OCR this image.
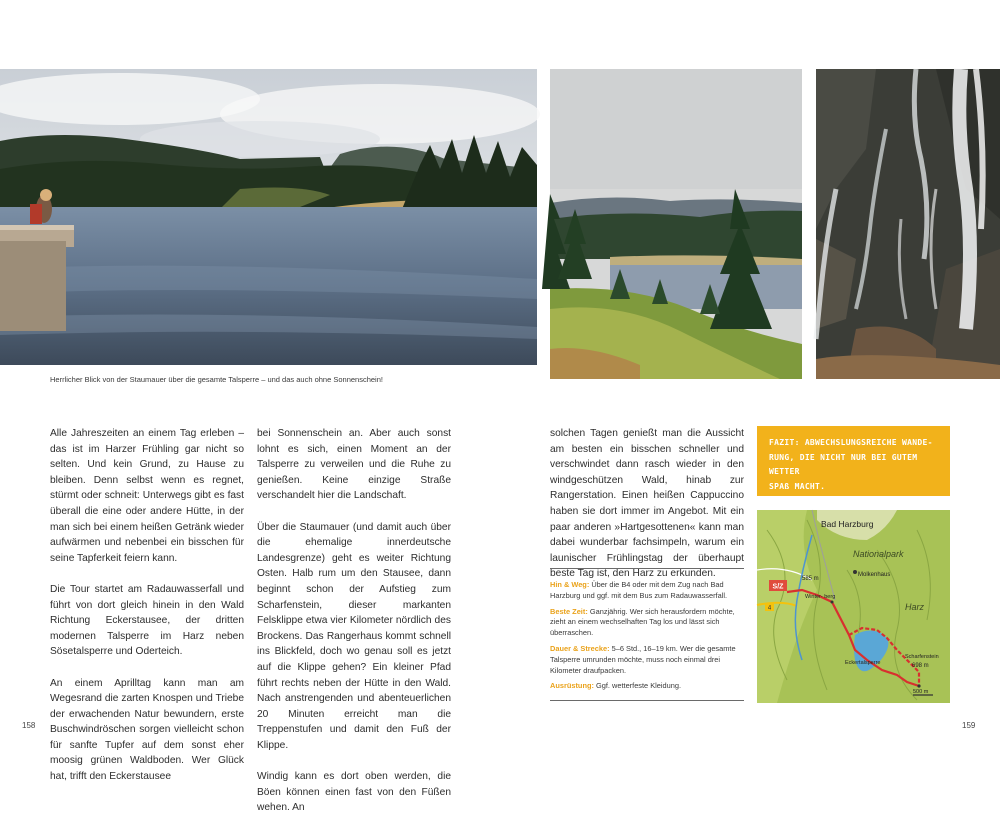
Herrlicher Blick von der Staumauer über die gesamte Talsperre – und das auch ohne Sonnenschein!

Alle Jahreszeiten an einem Tag erleben – das ist im Harzer Frühling gar nicht so selten. Und kein Grund, zu Hause zu bleiben. Denn selbst wenn es regnet, stürmt oder schneit: Unterwegs gibt es fast überall die eine oder andere Hütte, in der man sich bei einem heißen Getränk wieder aufwärmen und nebenbei ein bisschen für seine Tapferkeit feiern kann.

Die Tour startet am Radauwasserfall und führt von dort gleich hinein in den Wald Richtung Eckerstausee, der dritten modernen Talsperre im Harz neben Sösetalsperre und Oderteich.

An einem Aprilltag kann man am Wegesrand die zarten Knospen und Triebe der erwachenden Natur bewundern, erste Buschwindröschen sorgen vielleicht schon für sanfte Tupfer auf dem sonst eher moosig grünen Waldboden. Wer Glück hat, trifft den Eckerstausee

bei Sonnenschein an. Aber auch sonst lohnt es sich, einen Moment an der Talsperre zu verweilen und die Ruhe zu genießen. Keine einzige Straße verschandelt hier die Landschaft.

Über die Staumauer (und damit auch über die ehemalige innerdeutsche Landesgrenze) geht es weiter Richtung Osten. Halb rum um den Stausee, dann beginnt schon der Aufstieg zum Scharfenstein, dieser markanten Felsklippe etwa vier Kilometer nördlich des Brockens. Das Rangerhaus kommt schnell ins Blickfeld, doch wo genau soll es jetzt auf die Klippe gehen? Ein kleiner Pfad führt rechts neben der Hütte in den Wald. Nach anstrengenden und abenteuerlichen 20 Minuten erreicht man die Treppenstufen und damit den Fuß der Klippe.

Windig kann es dort oben werden, die Böen können einen fast von den Füßen wehen. An

158

solchen Tagen genießt man die Aussicht am besten ein bisschen schneller und verschwindet dann rasch wieder in den windgeschützen Wald, hinab zur Rangerstation. Einen heißen Cappuccino haben sie dort immer im Angebot. Mit ein paar anderen »Hartgesottenen« kann man dabei wunderbar fachsimpeln, warum ein launischer Frühlingstag der überhaupt beste Tag ist, den Harz zu erkunden.

159
FAZIT: ABWECHSLUNGSREICHE WANDE-
RUNG, DIE NICHT NUR BEI GUTEM WETTER
SPAß MACHT.
Hin & Weg: Über die B4 oder mit dem Zug nach Bad Harzburg und ggf. mit dem Bus zum Radauwasserfall.
Beste Zeit: Ganzjährig. Wer sich herausfordern möchte, zieht an einem wechselhaften Tag los und lässt sich überraschen.
Dauer & Strecke: 5–6 Std., 16–19 km. Wer die gesamte Talsperre umrunden möchte, muss noch einmal drei Kilometer draufpacken.
Ausrüstung: Ggf. wetterfeste Kleidung.
S/Z
4
Bad Harzburg
Nationalpark
Harz
Molkenhaus
585 m
Winter- berg
Eckertalsperre
Scharfenstein
698 m
500 m
